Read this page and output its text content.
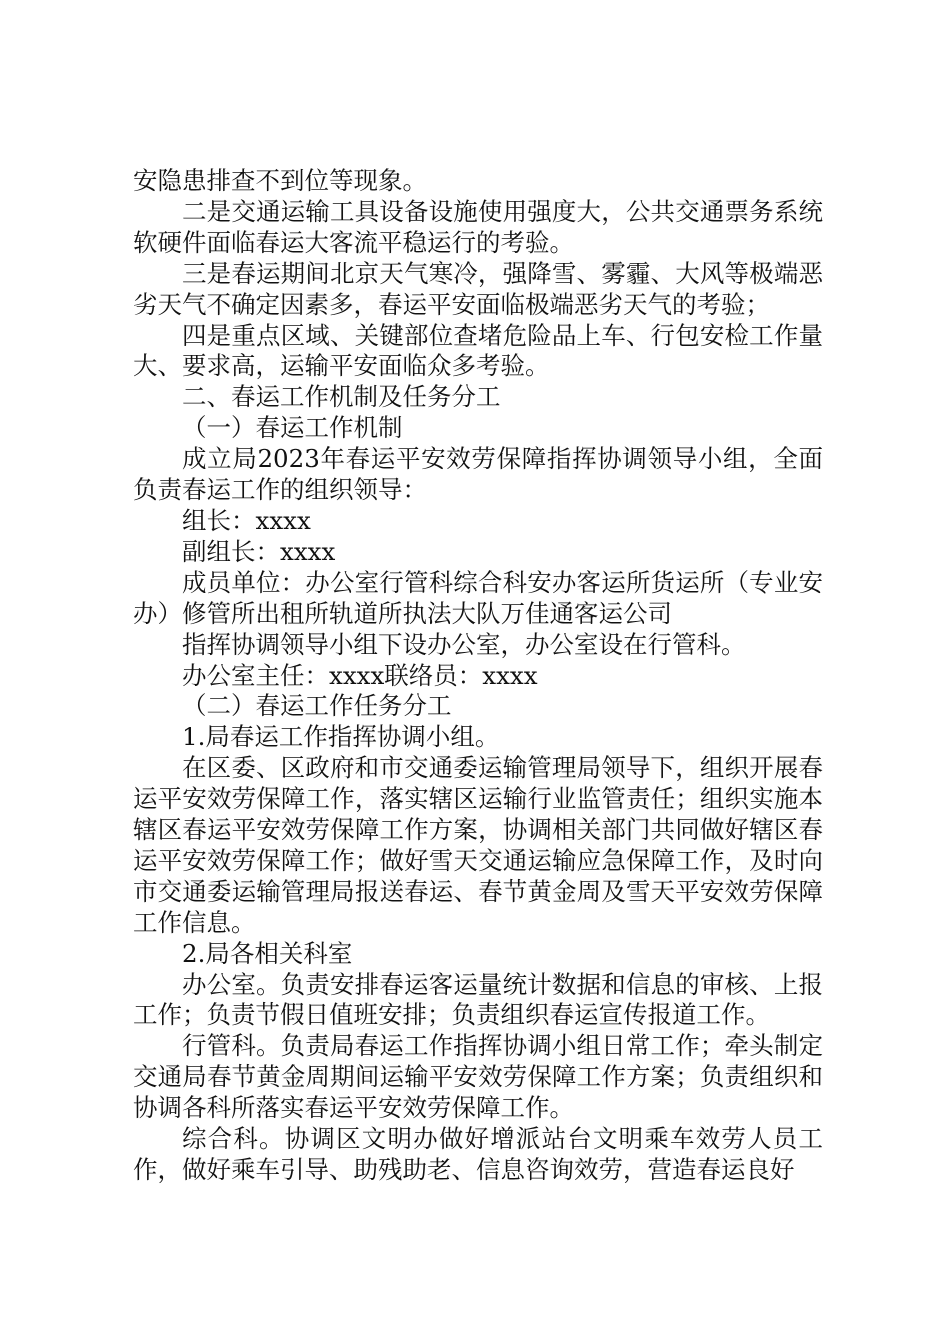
安隐患排查不到位等现象。

二是交通运输工具设备设施使用强度大，公共交通票务系统软硬件面临春运大客流平稳运行的考验。

三是春运期间北京天气寒冷，强降雪、雾霾、大风等极端恶劣天气不确定因素多，春运平安面临极端恶劣天气的考验；

四是重点区域、关键部位查堵危险品上车、行包安检工作量大、要求高，运输平安面临众多考验。

二、春运工作机制及任务分工

（一）春运工作机制

成立局2023年春运平安效劳保障指挥协调领导小组，全面负责春运工作的组织领导：

组长：xxxx

副组长：xxxx

成员单位：办公室行管科综合科安办客运所货运所（专业安办）修管所出租所轨道所执法大队万佳通客运公司

指挥协调领导小组下设办公室，办公室设在行管科。

办公室主任：xxxx联络员：xxxx

（二）春运工作任务分工

1.局春运工作指挥协调小组。

在区委、区政府和市交通委运输管理局领导下，组织开展春运平安效劳保障工作，落实辖区运输行业监管责任；组织实施本辖区春运平安效劳保障工作方案，协调相关部门共同做好辖区春运平安效劳保障工作；做好雪天交通运输应急保障工作，及时向市交通委运输管理局报送春运、春节黄金周及雪天平安效劳保障工作信息。

2.局各相关科室

办公室。负责安排春运客运量统计数据和信息的审核、上报工作；负责节假日值班安排；负责组织春运宣传报道工作。

行管科。负责局春运工作指挥协调小组日常工作；牵头制定交通局春节黄金周期间运输平安效劳保障工作方案；负责组织和协调各科所落实春运平安效劳保障工作。

综合科。协调区文明办做好增派站台文明乘车效劳人员工作，做好乘车引导、助残助老、信息咨询效劳，营造春运良好
